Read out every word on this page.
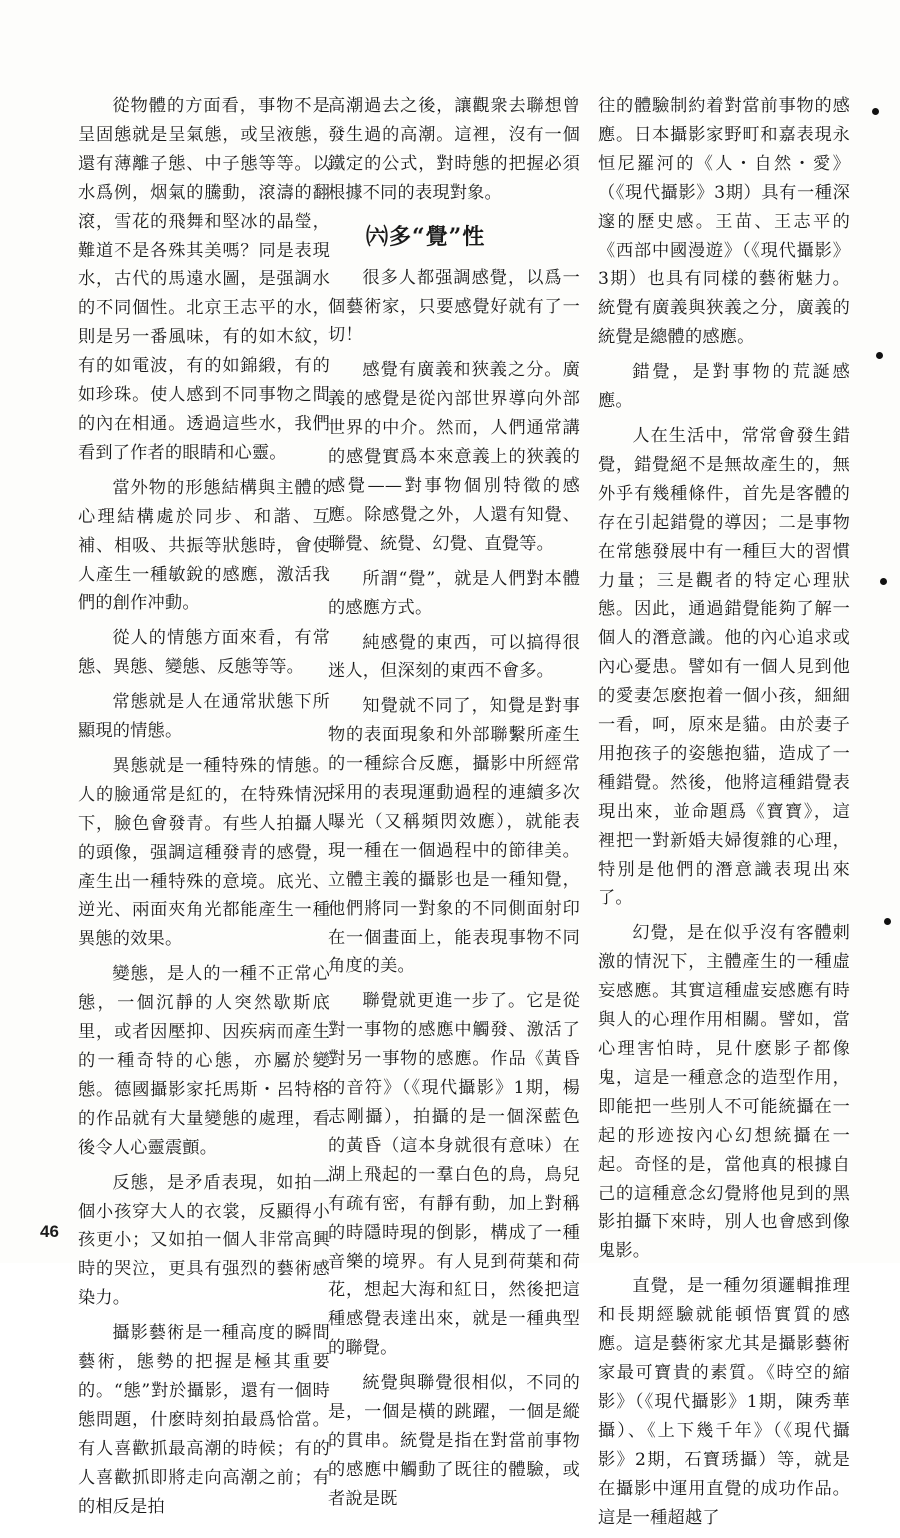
從物體的方面看，事物不是呈固態就是呈氣態，或呈液態，還有薄離子態、中子態等等。以水爲例，烟氣的騰動，滾濤的翻滾，雪花的飛舞和堅冰的晶瑩，難道不是各殊其美嗎？同是表現水，古代的馬遠水圖，是强調水的不同個性。北京王志平的水，則是另一番風味，有的如木紋，有的如電波，有的如錦緞，有的如珍珠。使人感到不同事物之間的內在相通。透過這些水，我們看到了作者的眼睛和心靈。

當外物的形態結構與主體的心理結構處於同步、和諧、互補、相吸、共振等狀態時，會使人產生一種敏銳的感應，激活我們的創作冲動。

從人的情態方面來看，有常態、異態、變態、反態等等。

常態就是人在通常狀態下所顯現的情態。

異態就是一種特殊的情態。人的臉通常是紅的，在特殊情況下，臉色會發青。有些人拍攝人的頭像，强調這種發青的感覺，產生出一種特殊的意境。底光、逆光、兩面夾角光都能產生一種異態的效果。

變態，是人的一種不正常心態，一個沉靜的人突然歇斯底里，或者因壓抑、因疾病而產生的一種奇特的心態，亦屬於變態。德國攝影家托馬斯・呂特格的作品就有大量變態的處理，看後令人心靈震顫。

反態，是矛盾表現，如拍一個小孩穿大人的衣裳，反顯得小孩更小；又如拍一個人非常高興時的哭泣，更具有强烈的藝術感染力。

攝影藝術是一種高度的瞬間藝術，態勢的把握是極其重要的。“態”對於攝影，還有一個時態問題，什麽時刻拍最爲恰當。有人喜歡抓最高潮的時候；有的人喜歡抓即將走向高潮之前；有的相反是拍

高潮過去之後，讓觀衆去聯想曾發生過的高潮。這裡，沒有一個鐵定的公式，對時態的把握必須根據不同的表現對象。

㈥多“覺”性

很多人都强調感覺，以爲一個藝術家，只要感覺好就有了一切！

感覺有廣義和狹義之分。廣義的感覺是從內部世界導向外部世界的中介。然而，人們通常講的感覺實爲本來意義上的狹義的感覺——對事物個別特徵的感應。除感覺之外，人還有知覺、聯覺、統覺、幻覺、直覺等。

所謂“覺”，就是人們對本體的感應方式。

純感覺的東西，可以搞得很迷人，但深刻的東西不會多。

知覺就不同了，知覺是對事物的表面現象和外部聯繫所產生的一種綜合反應，攝影中所經常採用的表現運動過程的連續多次曝光（又稱頻閃效應），就能表現一種在一個過程中的節律美。立體主義的攝影也是一種知覺，他們將同一對象的不同側面射印在一個畫面上，能表現事物不同角度的美。

聯覺就更進一步了。它是從對一事物的感應中觸發、激活了對另一事物的感應。作品《黃昏的音符》（《現代攝影》1期，楊志剛攝），拍攝的是一個深藍色的黃昏（這本身就很有意味）在湖上飛起的一羣白色的鳥，鳥兒有疏有密，有靜有動，加上對稱的時隱時現的倒影，構成了一種音樂的境界。有人見到荷葉和荷花，想起大海和紅日，然後把這種感覺表達出來，就是一種典型的聯覺。

統覺與聯覺很相似，不同的是，一個是橫的跳躍，一個是縱的貫串。統覺是指在對當前事物的感應中觸動了既往的體驗，或者說是既

往的體驗制約着對當前事物的感應。日本攝影家野町和嘉表現永恒尼羅河的《人・自然・愛》（《現代攝影》3期）具有一種深邃的歷史感。王苗、王志平的《西部中國漫遊》（《現代攝影》3期）也具有同樣的藝術魅力。統覺有廣義與狹義之分，廣義的統覺是總體的感應。

錯覺，是對事物的荒誕感應。

人在生活中，常常會發生錯覺，錯覺絕不是無故產生的，無外乎有幾種條件，首先是客體的存在引起錯覺的導因；二是事物在常態發展中有一種巨大的習慣力量；三是觀者的特定心理狀態。因此，通過錯覺能夠了解一個人的潛意識。他的內心追求或內心憂患。譬如有一個人見到他的愛妻怎麽抱着一個小孩，細細一看，呵，原來是貓。由於妻子用抱孩子的姿態抱貓，造成了一種錯覺。然後，他將這種錯覺表現出來，並命題爲《寶寶》，這裡把一對新婚夫婦復雜的心理，特別是他們的潛意識表現出來了。

幻覺，是在似乎沒有客體刺激的情況下，主體產生的一種虛妄感應。其實這種虛妄感應有時與人的心理作用相關。譬如，當心理害怕時，見什麽影子都像鬼，這是一種意念的造型作用，即能把一些別人不可能統攝在一起的形迹按內心幻想統攝在一起。奇怪的是，當他真的根據自己的這種意念幻覺將他見到的黑影拍攝下來時，別人也會感到像鬼影。

直覺，是一種勿須邏輯推理和長期經驗就能頓悟實質的感應。這是藝術家尤其是攝影藝術家最可寶貴的素質。《時空的縮影》（《現代攝影》1期，陳秀華攝）、《上下幾千年》（《現代攝影》2期，石寶琇攝）等，就是在攝影中運用直覺的成功作品。這是一種超越了

46
